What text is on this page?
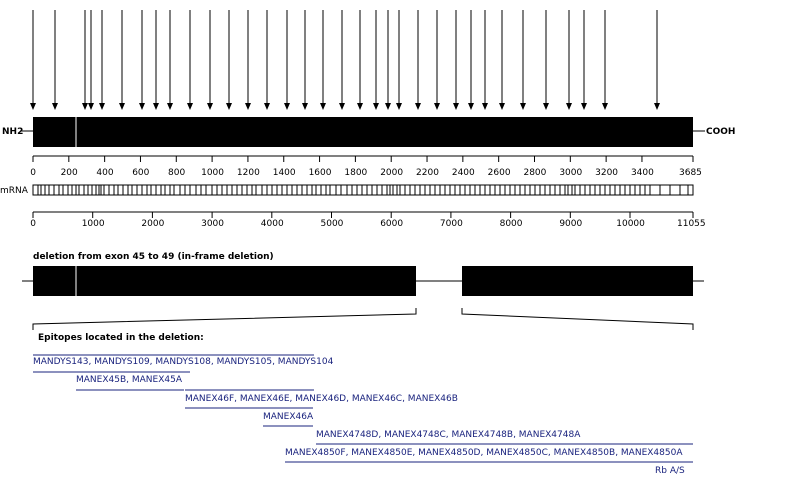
NH2	COOH
mRNA
deletion from exon 45 to 49 (in-frame deletion)
Epitopes located in the deletion:
0	200 400 600 800 1000 1200 1400 1600 1800 2000 2200 2400 2600 2800 3000 3200 3400	3685
0	1000	2000	3000	4000	5000	6000	7000	8000	9000	10000	11055
MANDYS143, MANDYS109, MANDYS108, MANDYS105, MANDYS104
MANEX45B, MANEX45A
MANEX46F, MANEX46E, MANEX46D, MANEX46C, MANEX46B
MANEX46A
MANEX4748D, MANEX4748C, MANEX4748B, MANEX4748A
MANEX4850F, MANEX4850E, MANEX4850D, MANEX4850C, MANEX4850B, MANEX4850A
Rb A/S
